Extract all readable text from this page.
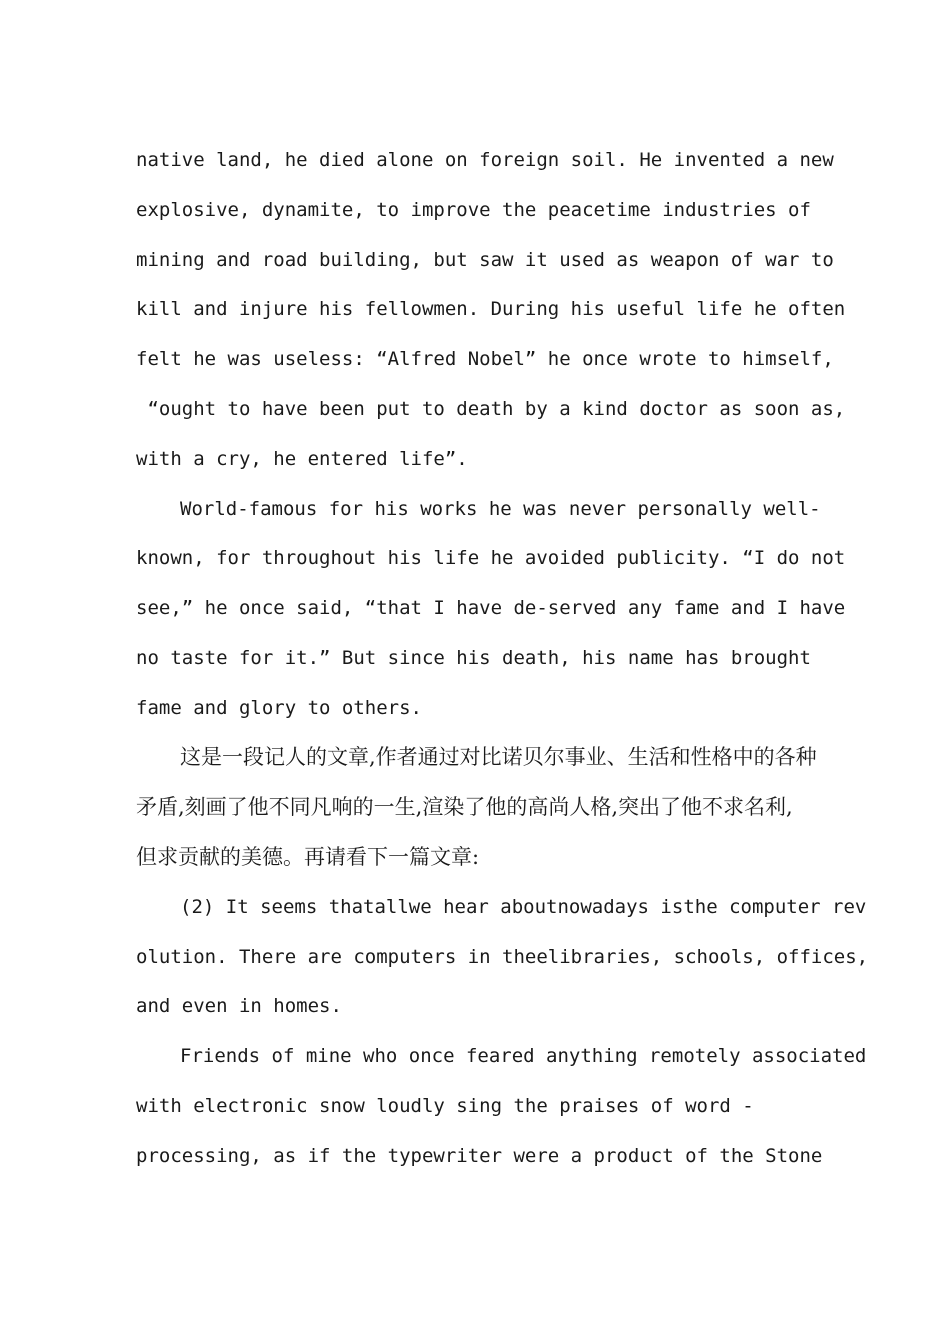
native land, he died alone on foreign soil. He invented a new
explosive, dynamite, to improve the peacetime industries of
mining and road building, but saw it used as weapon of war to
kill and injure his fellowmen. During his useful life he often
felt he was useless: “Alfred Nobel” he once wrote to himself,
“ought to have been put to death by a kind doctor as soon as,
with a cry, he entered life”.
World-famous for his works he was never personally well-
known, for throughout his life he avoided publicity. “I do not
see,” he once said, “that I have de-served any fame and I have
no taste for it.” But since his death, his name has brought
fame and glory to others.
这是一段记人的文章,作者通过对比诺贝尔事业、生活和性格中的各种
矛盾,刻画了他不同凡响的一生,渲染了他的高尚人格,突出了他不求名利,
但求贡献的美德。再请看下一篇文章:
(2) It seems thatallwe hear aboutnowadays isthe computer rev
olution. There are computers in theelibraries, schools, offices,
and even in homes.
Friends of mine who once feared anything remotely associated
with electronic snow loudly sing the praises of word -
processing, as if the typewriter were a product of the Stone
